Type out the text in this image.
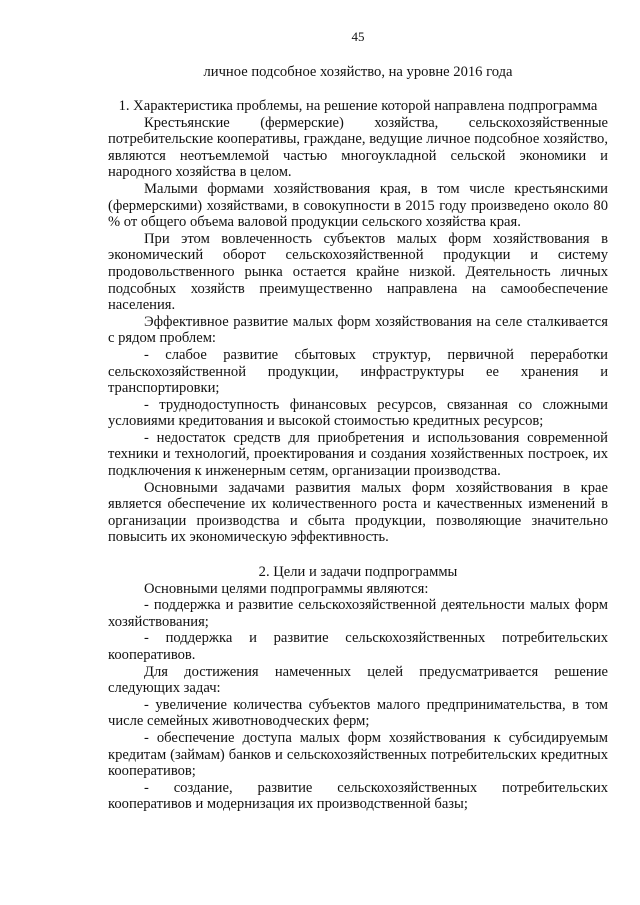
45
личное подсобное хозяйство, на уровне 2016 года
1. Характеристика проблемы, на решение которой направлена подпрограмма

Крестьянские (фермерские) хозяйства, сельскохозяйственные потребительские кооперативы, граждане, ведущие личное подсобное хозяйство, являются неотъемлемой частью многоукладной сельской экономики и народного хозяйства в целом.

Малыми формами хозяйствования края, в том числе крестьянскими (фермерскими) хозяйствами, в совокупности в 2015 году произведено около 80 % от общего объема валовой продукции сельского хозяйства края.

При этом вовлеченность субъектов малых форм хозяйствования в экономический оборот сельскохозяйственной продукции и систему продовольственного рынка остается крайне низкой. Деятельность личных подсобных хозяйств преимущественно направлена на самообеспечение населения.

Эффективное развитие малых форм хозяйствования на селе сталкивается с рядом проблем:

- слабое развитие сбытовых структур, первичной переработки сельскохозяйственной продукции, инфраструктуры ее хранения и транспортировки;

- труднодоступность финансовых ресурсов, связанная со сложными условиями кредитования и высокой стоимостью кредитных ресурсов;

- недостаток средств для приобретения и использования современной техники и технологий, проектирования и создания хозяйственных построек, их подключения к инженерным сетям, организации производства.

Основными задачами развития малых форм хозяйствования в крае является обеспечение их количественного роста и качественных изменений в организации производства и сбыта продукции, позволяющие значительно повысить их экономическую эффективность.

2. Цели и задачи подпрограммы

Основными целями подпрограммы являются:

- поддержка и развитие сельскохозяйственной деятельности малых форм хозяйствования;

- поддержка и развитие сельскохозяйственных потребительских кооперативов.

Для достижения намеченных целей предусматривается решение следующих задач:

- увеличение количества субъектов малого предпринимательства, в том числе семейных животноводческих ферм;

- обеспечение доступа малых форм хозяйствования к субсидируемым кредитам (займам) банков и сельскохозяйственных потребительских кредитных кооперативов;

- создание, развитие сельскохозяйственных потребительских кооперативов и модернизация их производственной базы;
